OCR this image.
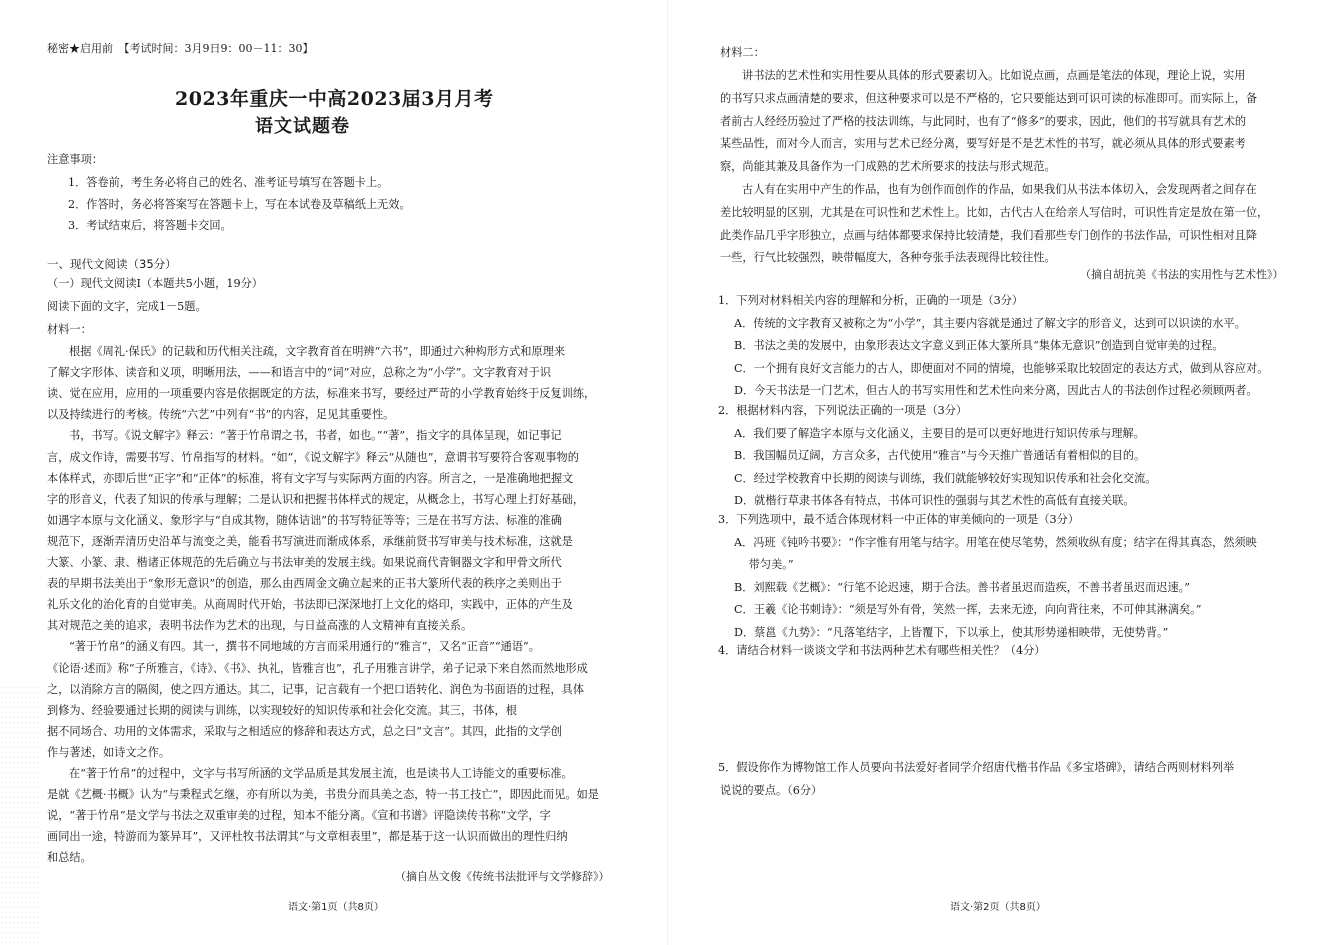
秘密★启用前　【考试时间：3月9日9：00－11：30】
2023年重庆一中高2023届3月月考
语文试题卷
注意事项：
1．答卷前，考生务必将自己的姓名、准考证号填写在答题卡上。
2．作答时，务必将答案写在答题卡上，写在本试卷及草稿纸上无效。
3．考试结束后，将答题卡交回。
一、现代文阅读（35分）
（一）现代文阅读Ⅰ（本题共5小题，19分）
阅读下面的文字，完成1－5题。
材料一：
根据《周礼·保氏》的记载和历代相关注疏，文字教育首在明辨“六书”，即通过六种构形方式和原理来
了解文字形体、读音和义项，明晰用法，——和语言中的“词”对应，总称之为“小学”。文字教育对于识
读、觉在应用，应用的一项重要内容是依据既定的方法，标准来书写，要经过严苛的小学教育始终于反复训练，
以及持续进行的考核。传统“六艺”中列有“书”的内容，足见其重要性。
书，书写。《说文解字》释云：“著于竹帛谓之书，书者，如也。”“著”，指文字的具体呈现，如记事记
言，成文作诗，需要书写、竹帛指写的材料。“如”，《说文解字》释云“从随也”，意谓书写要符合客观事物的
本体样式，亦即后世“正字”和“正体”的标准，将有文字写与实际两方面的内容。所言之，一是准确地把握文
字的形音义，代表了知识的传承与理解；二是认识和把握书体样式的规定，从概念上，书写心理上打好基础，
如遇字本原与文化涵义、象形字与“自成其物，随体诘诎”的书写特征等等；三是在书写方法、标准的准确
规范下，逐渐弄清历史沿革与流变之美，能看书写演进而渐成体系，承继前贤书写审美与技术标准，这就是
大篆、小篆、隶、楷诸正体规范的先后确立与书法审美的发展主线。如果说商代青铜器文字和甲骨文所代
表的早期书法美出于“象形无意识”的创造，那么由西周金文确立起来的正书大篆所代表的秩序之美则出于
礼乐文化的治化育的自觉审美。从商周时代开始，书法即已深深地打上文化的烙印，实践中，正体的产生及
其对规范之美的追求，表明书法作为艺术的出现，与日益高涨的人文精神有直接关系。
“著于竹帛”的涵义有四。其一，撰书不同地域的方言而采用通行的“雅言”，又名“正音”“通语”。
《论语·述而》称“子所雅言，《诗》、《书》、执礼，皆雅言也”，孔子用雅言讲学，弟子记录下来自然而然地形成
之，以消除方言的隔阂，使之四方通达。其二，记事，记言载有一个把口语转化、润色为书面语的过程，具体
到修为、经验要通过长期的阅读与训练，以实现较好的知识传承和社会化交流。其三，书体，根
据不同场合、功用的文体需求，采取与之相适应的修辞和表达方式，总之曰“文言”。其四，此指的文学创
作与著述，如诗文之作。
在“著于竹帛”的过程中，文字与书写所涵的文学品质是其发展主流，也是读书人工诗能文的重要标准。
是就《艺概·书概》认为“与秉程式乞继，亦有所以为美，书贵分而具美之态，特一书工技亡”，即因此而见。如是
说，“著于竹帛”是文学与书法之双重审美的过程，知本不能分离。《宣和书谱》评隐读传书称“文学，字
画同出一途，特游而为篆异耳”，又评杜牧书法谓其“与文章相表里”，都是基于这一认识而做出的理性归纳
和总结。
（摘自丛文俊《传统书法批评与文学修辞》）
语文·第1页（共8页）
材料二：
讲书法的艺术性和实用性要从具体的形式要素切入。比如说点画，点画是笔法的体现，理论上说，实用
的书写只求点画清楚的要求，但这种要求可以是不严格的，它只要能达到可识可读的标准即可。而实际上，备
者前古人经经历验过了严格的技法训练，与此同时，也有了“修多”的要求，因此，他们的书写就具有艺术的
某些品性，而对今人而言，实用与艺术已经分离，要写好是不是艺术性的书写，就必须从具体的形式要素考
察，尚能其兼及具备作为一门成熟的艺术所要求的技法与形式规范。
古人有在实用中产生的作品，也有为创作而创作的作品，如果我们从书法本体切入，会发现两者之间存在
差比较明显的区别，尤其是在可识性和艺术性上。比如，古代古人在给亲人写信时，可识性肯定是放在第一位，
此类作品几乎字形独立，点画与结体都要求保持比较清楚，我们看那些专门创作的书法作品，可识性相对且降
一些，行气比较强烈，映带幅度大，各种夸张手法表现得比较往性。
（摘自胡抗美《书法的实用性与艺术性》）
1．下列对材料相关内容的理解和分析，正确的一项是（3分）
A．传统的文字教育又被称之为“小学”，其主要内容就是通过了解文字的形音义，达到可以识读的水平。
B．书法之美的发展中，由象形表达文字意义到正体大篆所具“集体无意识”创造到自觉审美的过程。
C．一个拥有良好文言能力的古人，即便面对不同的情境，也能够采取比较固定的表达方式，做到从容应对。
D．今天书法是一门艺术，但古人的书写实用性和艺术性向来分离，因此古人的书法创作过程必须顾两者。
2．根据材料内容，下列说法正确的一项是（3分）
A．我们要了解造字本原与文化涵义，主要目的是可以更好地进行知识传承与理解。
B．我国幅员辽阔，方言众多，古代使用“雅言”与今天推广普通话有着相似的目的。
C．经过学校教育中长期的阅读与训练，我们就能够较好实现知识传承和社会化交流。
D．就楷行草隶书体各有特点，书体可识性的强弱与其艺术性的高低有直接关联。
3．下列选项中，最不适合体现材料一中正体的审美倾向的一项是（3分）
A．冯班《钝吟书要》：“作字惟有用笔与结字。用笔在使尽笔势，然须收纵有度；结字在得其真态，然须映
　 带匀美。”
B．刘熙载《艺概》：“行笔不论迟速，期于合法。善书者虽迟而造疾，不善书者虽迟而迟速。”
C．王羲《论书刺诗》：“须是写外有骨，笑然一挥，去来无迹，向向背往来，不可伸其淋漓矣。”
D．蔡邕《九势》：“凡落笔结字，上皆覆下，下以承上，使其形势递相映带，无使势背。”
4．请结合材料一谈谈文学和书法两种艺术有哪些相关性？（4分）
5．假设你作为博物馆工作人员要向书法爱好者同学介绍唐代楷书作品《多宝塔碑》，请结合两则材料列举
说说的要点。（6分）
语文·第2页（共8页）
